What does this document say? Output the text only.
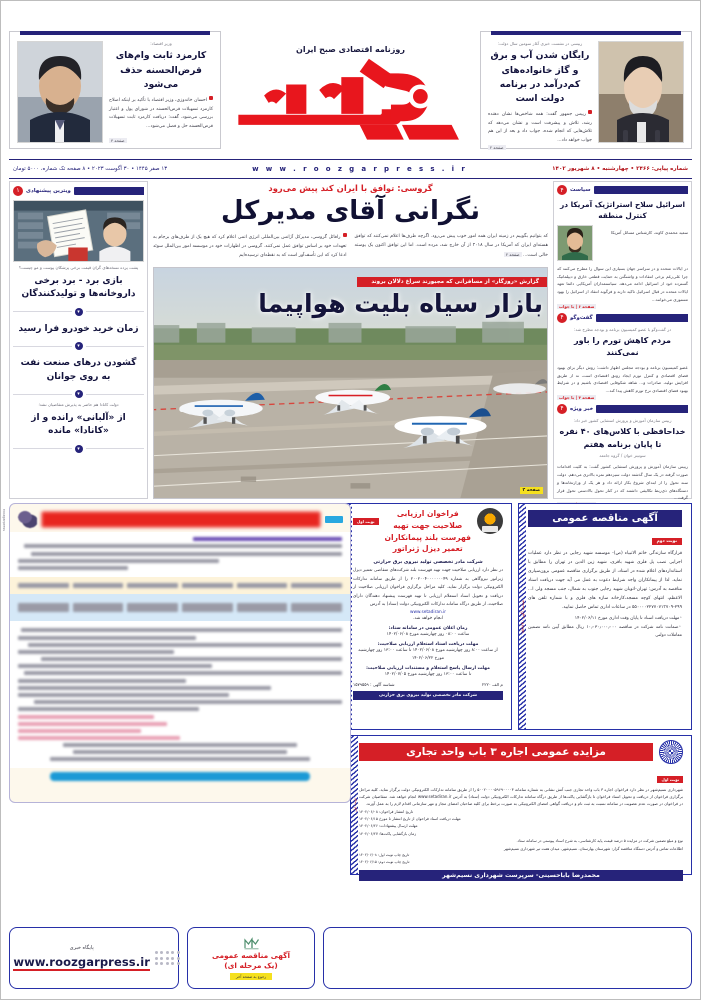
رییسی در نشست خبری آغاز سومین سال دولت:
رایگان شدن آب و برق و گاز خانواده‌های کم‌درآمد در برنامه دولت است
رییس جمهور گفت: همه شاخص‌ها نشان دهنده رشد، تلاش و پیشرفت است و نشان می‌دهد که تلاش‌هایی که انجام شده، جواب داد و بعد از این هم جواب خواهد داد...
صفحه ۲
وزیر اقتصاد:
کارمزد ثابت وام‌های قرض‌الحسنه حذف می‌شود
احسان خاندوزی، وزیر اقتصاد با تأکید بر اینکه اصلاح کارمزد تسهیلات قرض‌الحسنه در شورای پول و اعتبار بررسی می‌شود، گفت: دریافت کارمزد ثابت تسهیلات قرض‌الحسنه حل و فصل می‌شود...
صفحه ۴
روزنامه اقتصادی صبح ایران
شماره پیاپی: ۲۴۶۶ • چهارشنبه • ۸ شهریور ۱۴۰۲
w w w . r o o z g a r p r e s s . i r
۱۳ صفر ۱۴۴۵ • ۳۰ آگوست ۲۰۲۳ • ۸ صفحه تک شماره، ۵۰۰۰ تومان
سیاست
۴
اسرائیل سلاح استراتژیک آمریکا در کنترل منطقه
سعید محمدی کاوند، کارشناس مسائل آمریکا
در ایالات متحده و در سراسر جهان بسیاری این سوال را مطرح می‌کنند که چرا علی‌رغم برخی انتقادات و واشنگتن به حمایت قطعی خارق و دیپلماتیک گسترده خود از اسرائیل ادامه می‌دهد. سیاستمداران آمریکایی دائما تعهد ایالات متحده در قبال اسرائیل تاکید دارند و فرگونه انتقاد از اسرائیل را بهود مستوری می‌خوانند...
صفحه ۶ | با جواب
گفت‌وگو
۴
در گفت‌وگو با عضو کمیسیون برنامه و بودجه مطرح شد:
مردم کاهش تورم را باور نمی‌کنند
عضو کمیسیون برنامه و بودجه مجلس اظهار داشت: روش دیگر برای بهبود فضای اقتصادی و کنترل تورم ایجاد رونق اقتصادی است، نه از طریق افزایش تولید، صادرات و... شاهد شکوفایی اقتصادی باشیم و در شرایط بهبود فضای اقتصادی نرخ تورم کاهش پیدا کند...
صفحه ۴ | با جواب
خبر ویژه
۴
رییس سازمان آموزش و پرورش استثنایی کشور خبر داد:
خداحافظی با کلاس‌های ۴۰ نفره تا پایان برنامه هفتم
سوتیتر خوان / گروه جامعه
رییس سازمان آموزش و پرورش استثنایی کشور گفت: به کلیت اقدامات صورت گرفته در یک سال گذشته دولت سیزدهم نمره بالاتری می‌دهم. دولت سند تحول را از ابتدای شروع بکار ارائه داد و هر یک از وزارتخانه‌ها و دستگاه‌های ذی‌ربط تکالیفی داشتند که در کنار تحول بالادستی تحول قرار گرفت...
گروسی: توافق با ایران کند پیش می‌رود
نگرانی آقای مدیرکل
که بتوانیم بگوییم در زمینه ایران همه امور خوب پیش می‌رود. اگرچه طرف‌ها اعلام نمی‌کنند که توافق هسته‌ای ایران که آمریکا در سال ۲۰۱۸ از آن خارج شد، مرده است. اما این توافق اکنون یک پوسته خالی است... صفحه ۲
رافائل گروسی، مدیرکل آژانس بین‌المللی انرژی اتمی اعلام کرد که هیچ یک از طرف‌های برجام به تعهدات خود بر اساس توافق عمل نمی‌کنند. گروسی در اظهارات خود در موسسه امور بین‌الملل سوئد ادعا کرد که این تأسف‌آور است که به نقطه‌ای نرسیده‌ایم
گزارش «روزگار» از مسافرانی که مجبورند سراغ دلالان بروند
بازار سیاه بلیت هواپیما
صفحه ۳
ویترین پیشنهادی
۱
پشت پرده نسخه‌های گران قیمت برخی پزشکان پوست و مو چیست؟
بازی برد - برد برخی داروخانه‌ها و تولیدکنندگان
▾
زمان خرید خودرو فرا رسید
▾
گشودن درهای صنعت نفت به روی جوانان
▾
دولت کانادا هم حاضر به پذیرش متقاضیان نشد؛
از «آلبانی» رانده و از «کانادا» مانده
▾
شناسه آگهی : ۱۵۷۹۲۳
آگهی مناقصه عمومی
نوبت دوم
قرارگاه سازندگی خاتم الانبیاء (ص)- موسسه شهید رجایی در نظر دارد عملیات اجرایی نصب پل فلزی شهید باقری، شهید زین الدین در تهران را مطابق با استانداردهای اعلام شده در اسناد، از طریق برگزاری مناقصه عمومی برون‌سپاری نماید. لذا از پیمانکاران واجد شرایط دعوت به عمل می آید جهت دریافت اسناد مناقصه به آدرس: تهران-اتوبان شهید رجایی جنوب به شمال، جنب مسجد ولی ا... الاعظم، انتهای کوچه مسجد،کارخانه سازه های فلزی و با شماره تلفن های ۲۹۹-۵۵۰۰۰۰۲۲۷۷۰۷۱۳۷۰۹ در ساعات اداری تماس حاصل نمایید.
◦مهلت دریافت اسناد تا پایان وقت اداری مورخ ۱۴۰۲/۰۶/۱۱
◦ضمانت نامه شرکت در مناقصه ۱۰٫۰۳۰٫۰۰۰٫۰۰۰ ریال مطابق آیین نامه تضمین معاملات دولتی
فراخوان ارزیابی صلاحیت جهت تهیه فهرست بلند پیمانکاران تعمیر دیزل ژنراتور
نوبت اول
شرکت مادر تخصصی تولید نیروی برق حرارتی
در نظر دارد ارزیابی صلاحیت جهت تهیه فهرست بلند شرکت‌های متقاضی تعمیر دیزل ژنراتور نیروگاهی به شماره ۲۰۰۲۰۰۴۰۰۰۰۰۰۰۴۹ را از طریق سامانه تدارکات الکترونیکی دولت برگزار نماید. کلیه مراحل برگزاری فراخوان ارزیابی صلاحیت از دریافت و تحویل اسناد استعلام ارزیابی تا تهیه فهرست پیشنهاد دهندگان دارای صلاحیت، از طریق درگاه سامانه تدارکات الکترونیکی دولت (ستاد) به آدرس
www.setadiran.ir
انجام خواهد شد.
زمان اعلان عمومی در سامانه ستاد:
ساعت ۰۸:۰۰ روز چهارشنبه مورخ ۱۴۰۲/۰۶/۰۸
مهلت دریافت اسناد استعلام ارزیابی صلاحیت:
از ساعت ۸:۰۰ روز چهارشنبه مورخ ۱۴۰۲/۰۶/۰۸ تا ساعت ۱۳:۰۰ روز چهارشنبه مورخ ۱۴۰۲/۰۶/۲۲
مهلت ارسال پاسخ استعلام و مستندات ارزیابی صلاحیت:
تا ساعت ۱۳:۰۰ روز چهارشنبه مورخ ۱۴۰۲/۰۷/۰۵
م الف ۲۲۲۰
شناسه آگهی : ۱۵۷۹۵۵۹
شرکت مادر تخصصی تولید نیروی برق حرارتی
نوبت اول
مزایده عمومی اجاره ۳ باب واحد تجاری
نوبت اول
شهرداری نسیم‌شهر در نظر دارد فراخوان اجاره ۳ باب واحد تجاری جنب آتش نشانی به شماره سامانه ۵۰۰۲۰۰۰۰۵۹۶۹۰۰۰۰۳ را از طریق سامانه تدارکات الکترونیکی دولت برگزار نماید. کلیه مراحل برگزاری فراخوان از دریافت و تحویل اسناد فراخوان تا بازگشایی پاکت‌ها از طریق درگاه سامانه تدارکات الکترونیکی دولت (ستاد) به آدرس www.setadiran.ir انجام خواهد شد. متقاضیان شرکت در فراخوان در صورت عدم عضویت در سامانه نسبت به ثبت نام و دریافت گواهی امضای الکترونیکی به صورت برخط برای کلیه صاحبان امضای مجاز و مهر سازمانی اقدام لازم را به عمل آورند.
تاریخ انتشار فراخوان: ۱۴۰۲/۰۶/۰۸
مهلت دریافت اسناد فراخوان از تاریخ انتشار تا مورخ ۱۴۰۲/۰۶/۱۵
مهلت ارسال پیشنهادات: ۱۴۰۲/۰۶/۲۶
زمان بازگشایی پاکت‌ها: ۱۴۰۲/۰۶/۲۷
نوع و مبلغ تضمین شرکت در مزایده ۵ درصد قیمت پایه کارشناسی، به شرح اسناد پیوستی در سامانه ستاد.
اطلاعات تماس و آدرس دستگاه مناقصه گزار: شهرستان بهارستان- نسیم‌شهر- میدان هفت تیر شهرداری نسیم‌شهر
تاریخ چاپ نوبت اول: ۱۴۰۲/۰۶/۰۸
تاریخ چاپ نوبت دوم: ۱۴۰۲/۰۶/۱۵
محمدرضا باباحسینی- سرپرست شهرداری نسیم‌شهر
آگهی مناقصه عمومی
(یک مرحله ای)
رجوع به صفحه آخر
پایگاه خبری
www.roozgarpress.ir
roozgarpress
